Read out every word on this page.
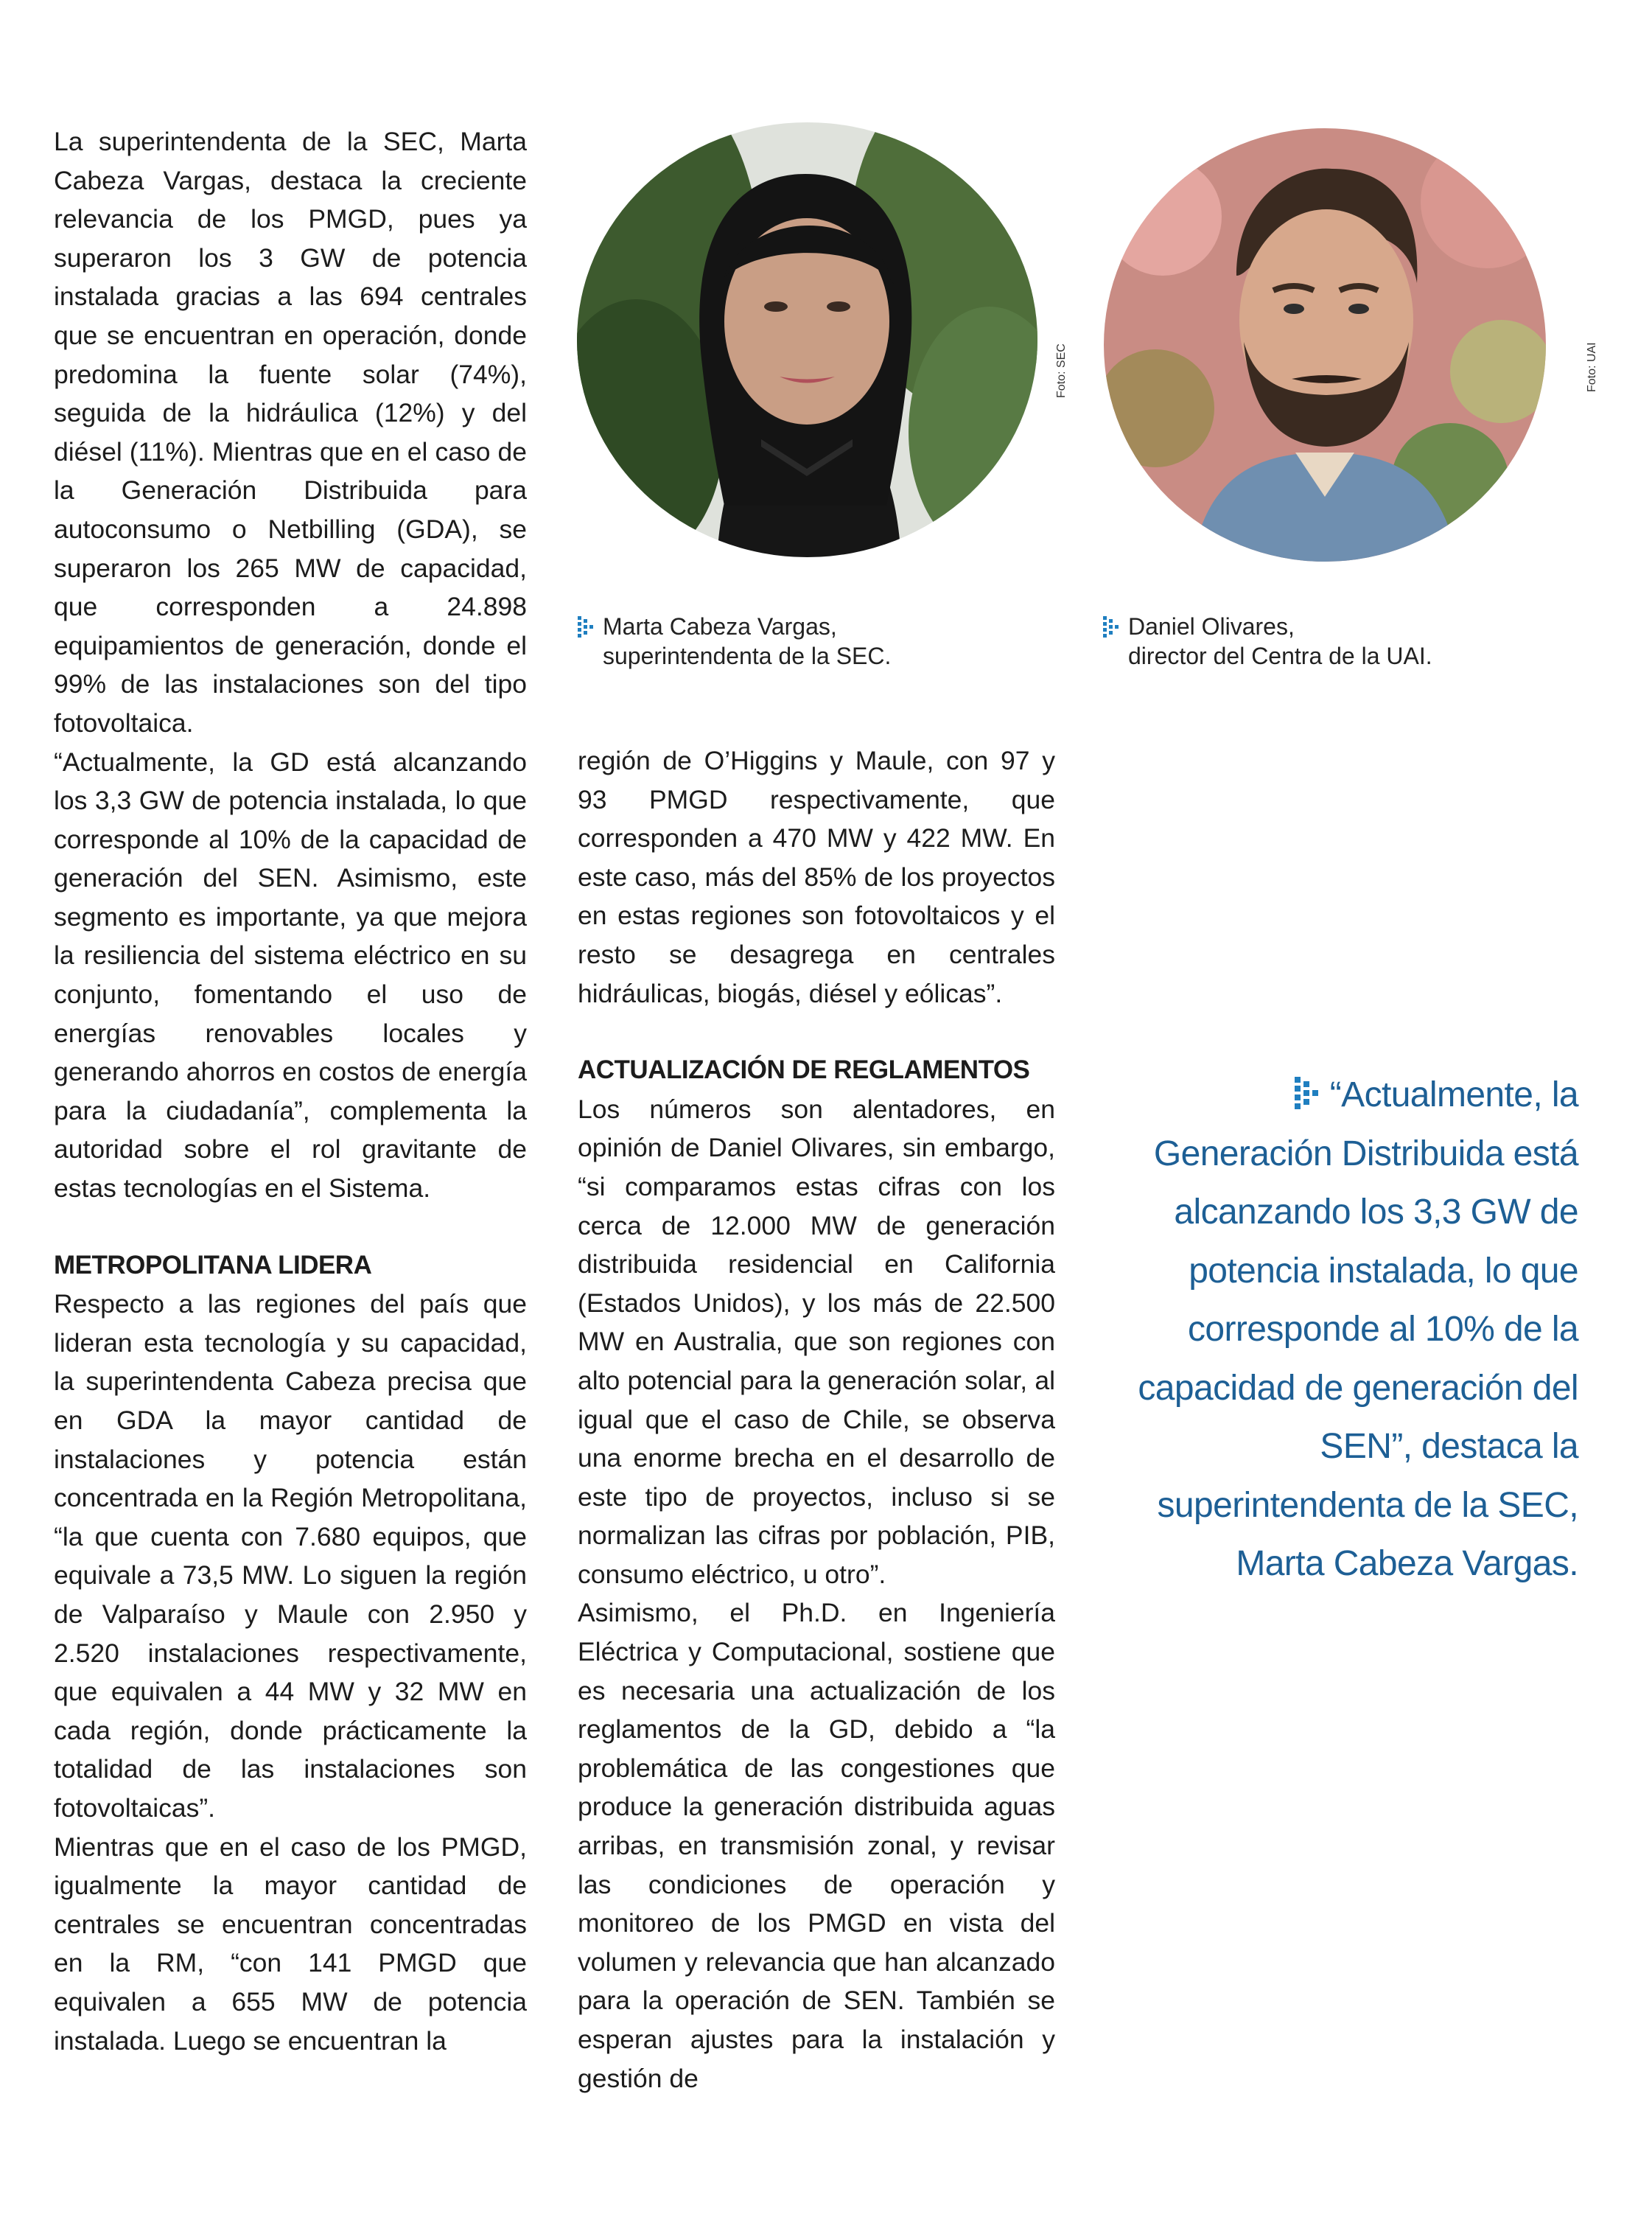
La superintendenta de la SEC, Marta Cabeza Vargas, destaca la creciente relevancia de los PMGD, pues ya superaron los 3 GW de potencia instalada gracias a las 694 centrales que se encuentran en operación, donde predomina la fuente solar (74%), seguida de la hidráulica (12%) y del diésel (11%). Mientras que en el caso de la Generación Distribuida para autoconsumo o Netbilling (GDA), se superaron los 265 MW de capacidad, que corresponden a 24.898 equipamientos de generación, donde el 99% de las instalaciones son del tipo fotovoltaica.

“Actualmente, la GD está alcanzando los 3,3 GW de potencia instalada, lo que corresponde al 10% de la capacidad de generación del SEN. Asimismo, este segmento es importante, ya que mejora la resiliencia del sistema eléctrico en su conjunto, fomentando el uso de energías renovables locales y generando ahorros en costos de energía para la ciudadanía”, complementa la autoridad sobre el rol gravitante de estas tecnologías en el Sistema.

METROPOLITANA LIDERA

Respecto a las regiones del país que lideran esta tecnología y su capacidad, la superintendenta Cabeza precisa que en GDA la mayor cantidad de instalaciones y potencia están concentrada en la Región Metropolitana, “la que cuenta con 7.680 equipos, que equivale a 73,5 MW. Lo siguen la región de Valparaíso y Maule con 2.950 y 2.520 instalaciones respectivamente, que equivalen a 44 MW y 32 MW en cada región, donde prácticamente la totalidad de las instalaciones son fotovoltaicas”.

Mientras que en el caso de los PMGD, igualmente la mayor cantidad de centrales se encuentran concentradas en la RM, “con 141 PMGD que equivalen a 655 MW de potencia instalada. Luego se encuentran la

Foto: SEC	Foto: UAI
Marta Cabeza Vargas,
superintendenta de la SEC.
Daniel Olivares,
director del Centra de la UAI.

región de O’Higgins y Maule, con 97 y 93 PMGD respectivamente, que corresponden a 470 MW y 422 MW. En este caso, más del 85% de los proyectos en estas regiones son fotovoltaicos y el resto se desagrega en centrales hidráulicas, biogás, diésel y eólicas”.

ACTUALIZACIÓN DE REGLAMENTOS

Los números son alentadores, en opinión de Daniel Olivares, sin embargo, “si comparamos estas cifras con los cerca de 12.000 MW de generación distribuida residencial en California (Estados Unidos), y los más de 22.500 MW en Australia, que son regiones con alto potencial para la generación solar, al igual que el caso de Chile, se observa una enorme brecha en el desarrollo de este tipo de proyectos, incluso si se normalizan las cifras por población, PIB, consumo eléctrico, u otro”.

Asimismo, el Ph.D. en Ingeniería Eléctrica y Computacional, sostiene que es necesaria una actualización de los reglamentos de la GD, debido a “la problemática de las congestiones que produce la generación distribuida aguas arribas, en transmisión zonal, y revisar las condiciones de operación y monitoreo de los PMGD en vista del volumen y relevancia que han alcanzado para la operación de SEN. También se esperan ajustes para la instalación y gestión de

“Actualmente, la Generación Distribuida está alcanzando los 3,3 GW de potencia instalada, lo que corresponde al 10% de la capacidad de generación del SEN”, destaca la superintendenta de la SEC, Marta Cabeza Vargas.
